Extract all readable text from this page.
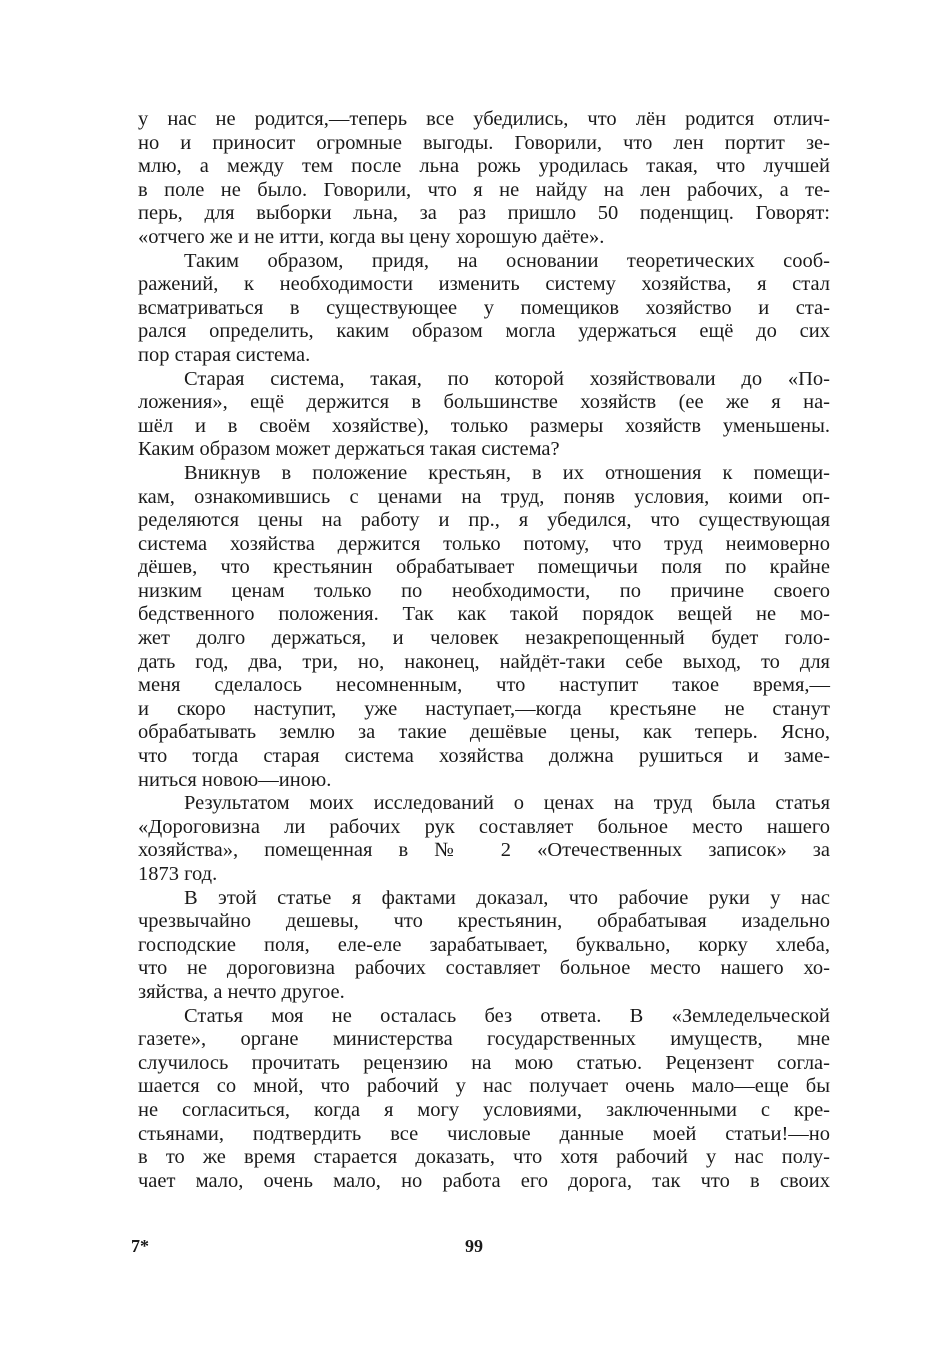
у нас не родится,—теперь все убедились, что лён родится отлич-
но и приносит огромные выгоды. Говорили, что лен портит зе-
млю, а между тем после льна рожь уродилась такая, что лучшей
в поле не было. Говорили, что я не найду на лен рабочих, а те-
перь, для выборки льна, за раз пришло 50 поденщиц. Говорят:
«отчего же и не итти, когда вы цену хорошую даёте».
Таким образом, придя, на основании теоретических сооб-
ражений, к необходимости изменить систему хозяйства, я стал
всматриваться в существующее у помещиков хозяйство и ста-
рался определить, каким образом могла удержаться ещё до сих
пор старая система.
Старая система, такая, по которой хозяйствовали до «По-
ложения», ещё держится в большинстве хозяйств (ее же я на-
шёл и в своём хозяйстве), только размеры хозяйств уменьшены.
Каким образом может держаться такая система?
Вникнув в положение крестьян, в их отношения к помещи-
кам, ознакомившись с ценами на труд, поняв условия, коими оп-
ределяются цены на работу и пр., я убедился, что существующая
система хозяйства держится только потому, что труд неимоверно
дёшев, что крестьянин обрабатывает помещичьи поля по крайне
низким ценам только по необходимости, по причине своего
бедственного положения. Так как такой порядок вещей не мо-
жет долго держаться, и человек незакрепощенный будет голо-
дать год, два, три, но, наконец, найдёт-таки себе выход, то для
меня сделалось несомненным, что наступит такое время,—
и скоро наступит, уже наступает,—когда крестьяне не станут
обрабатывать землю за такие дешёвые цены, как теперь. Ясно,
что тогда старая система хозяйства должна рушиться и заме-
ниться новою—иною.
Результатом моих исследований о ценах на труд была статья
«Дороговизна ли рабочих рук составляет больное место нашего
хозяйства», помещенная в № 2 «Отечественных записок» за
1873 год.
В этой статье я фактами доказал, что рабочие руки у нас
чрезвычайно дешевы, что крестьянин, обрабатывая изадельно
господские поля, еле-еле зарабатывает, буквально, корку хлеба,
что не дороговизна рабочих составляет больное место нашего хо-
зяйства, а нечто другое.
Статья моя не осталась без ответа. В «Земледельческой
газете», органе министерства государственных имуществ, мне
случилось прочитать рецензию на мою статью. Рецензент согла-
шается со мной, что рабочий у нас получает очень мало—еще бы
не согласиться, когда я могу условиями, заключенными с кре-
стьянами, подтвердить все числовые данные моей статьи!—но
в то же время старается доказать, что хотя рабочий у нас полу-
чает мало, очень мало, но работа его дорога, так что в своих
7*	99
